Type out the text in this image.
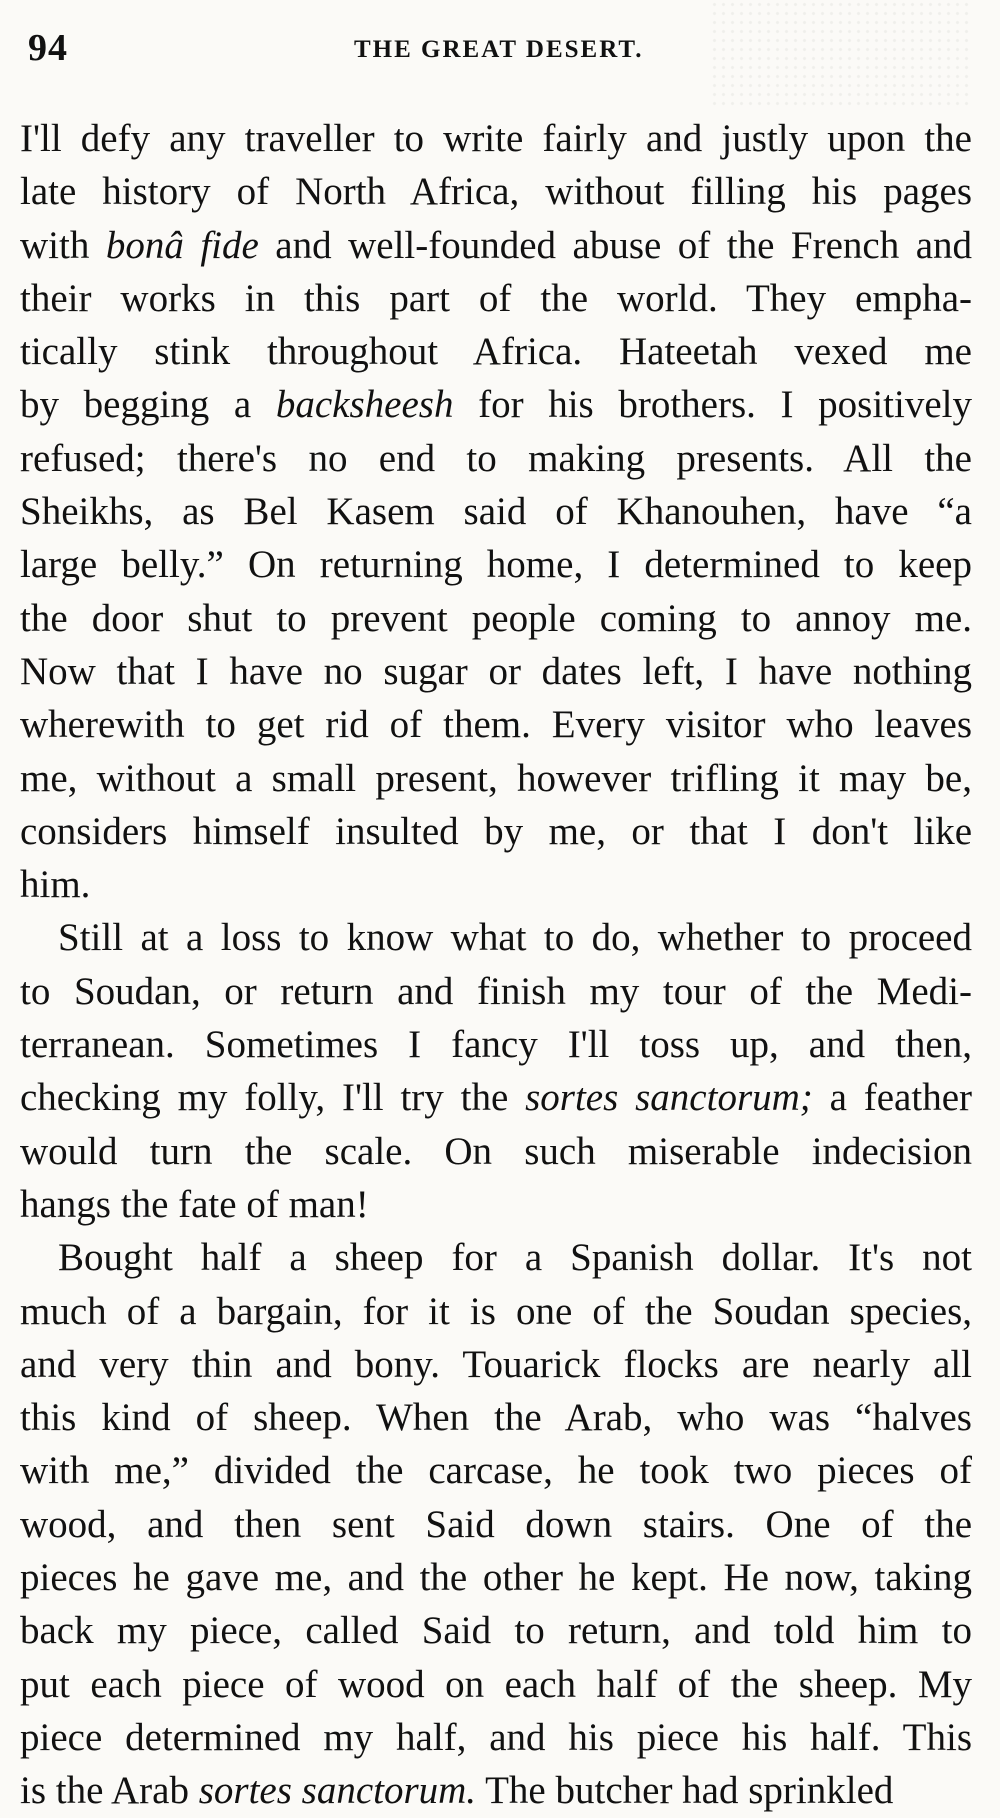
94	THE GREAT DESERT.
I'll defy any traveller to write fairly and justly upon the
late history of North Africa, without filling his pages
with bonâ fide and well-founded abuse of the French and
their works in this part of the world. They empha-
tically stink throughout Africa. Hateetah vexed me
by begging a backsheesh for his brothers. I positively
refused; there's no end to making presents. All the
Sheikhs, as Bel Kasem said of Khanouhen, have “a
large belly.” On returning home, I determined to keep
the door shut to prevent people coming to annoy me.
Now that I have no sugar or dates left, I have nothing
wherewith to get rid of them. Every visitor who leaves
me, without a small present, however trifling it may be,
considers himself insulted by me, or that I don't like
him.
Still at a loss to know what to do, whether to proceed
to Soudan, or return and finish my tour of the Medi-
terranean. Sometimes I fancy I'll toss up, and then,
checking my folly, I'll try the sortes sanctorum; a feather
would turn the scale. On such miserable indecision
hangs the fate of man!
Bought half a sheep for a Spanish dollar. It's not
much of a bargain, for it is one of the Soudan species,
and very thin and bony. Touarick flocks are nearly all
this kind of sheep. When the Arab, who was “halves
with me,” divided the carcase, he took two pieces of
wood, and then sent Said down stairs. One of the
pieces he gave me, and the other he kept. He now, taking
back my piece, called Said to return, and told him to
put each piece of wood on each half of the sheep. My
piece determined my half, and his piece his half. This
is the Arab sortes sanctorum. The butcher had sprinkled
